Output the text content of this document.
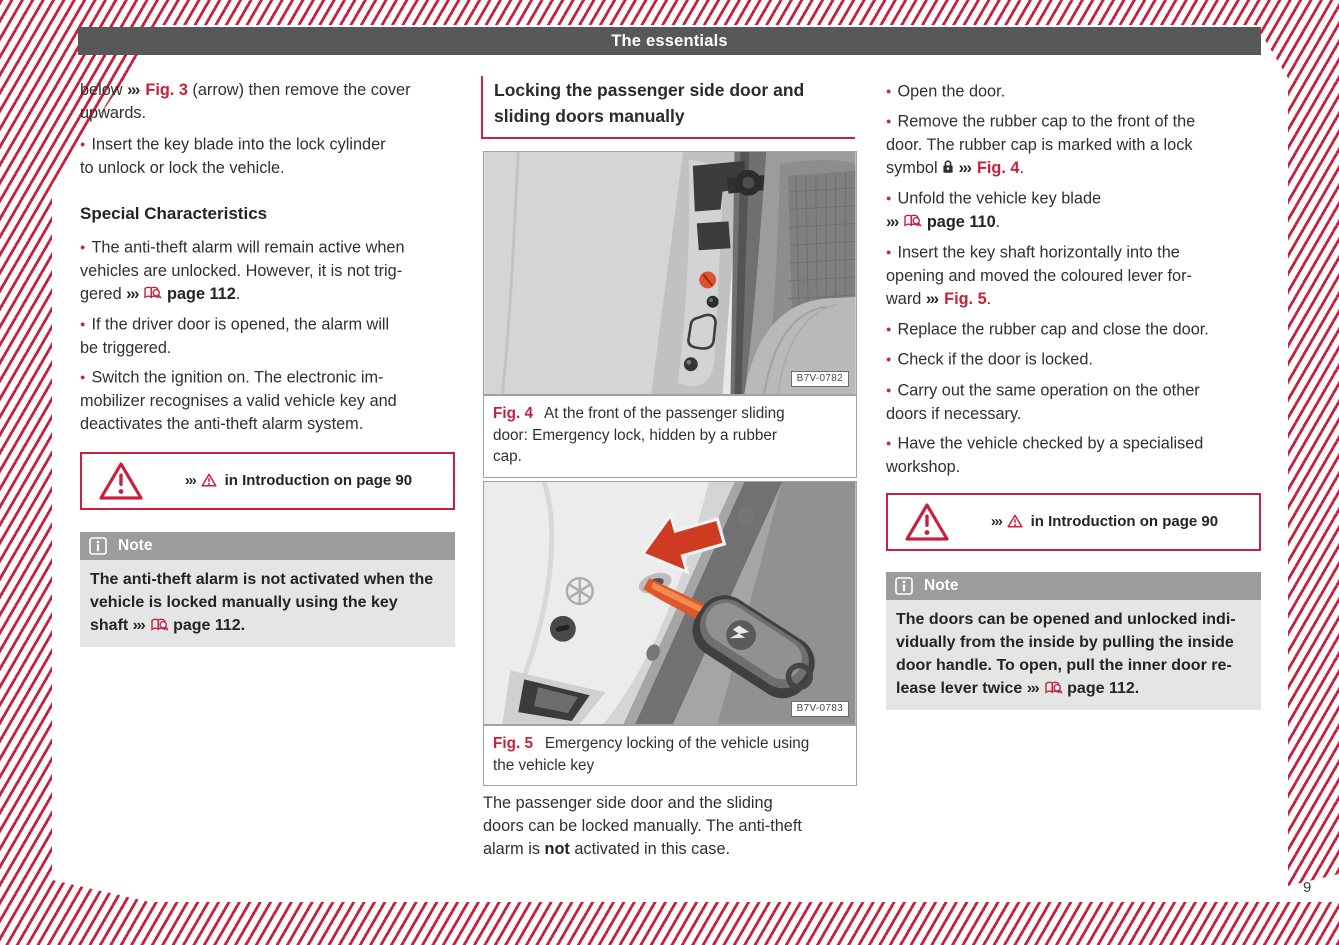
The essentials
below ››› Fig. 3 (arrow) then remove the cover
upwards.
● Insert the key blade into the lock cylinder
to unlock or lock the vehicle.
Special Characteristics
● The anti-theft alarm will remain active when
vehicles are unlocked. However, it is not trig-
gered ››› page 112.
● If the driver door is opened, the alarm will
be triggered.
● Switch the ignition on. The electronic im-
mobilizer recognises a valid vehicle key and
deactivates the anti-theft alarm system.
››› in Introduction on page 90
Note
The anti-theft alarm is not activated when the
vehicle is locked manually using the key
shaft ››› page 112.
Locking the passenger side door and
sliding doors manually
B7V-0782
Fig. 4  At the front of the passenger sliding
door: Emergency lock, hidden by a rubber
cap.
B7V-0783
Fig. 5  Emergency locking of the vehicle using
the vehicle key
The passenger side door and the sliding
doors can be locked manually. The anti-theft
alarm is not activated in this case.
● Open the door.
● Remove the rubber cap to the front of the
door. The rubber cap is marked with a lock
symbol  ››› Fig. 4.
● Unfold the vehicle key blade
››› page 110.
● Insert the key shaft horizontally into the
opening and moved the coloured lever for-
ward ››› Fig. 5.
● Replace the rubber cap and close the door.
● Check if the door is locked.
● Carry out the same operation on the other
doors if necessary.
● Have the vehicle checked by a specialised
workshop.
››› in Introduction on page 90
Note
The doors can be opened and unlocked indi-
vidually from the inside by pulling the inside
door handle. To open, pull the inner door re-
lease lever twice ››› page 112.
9
